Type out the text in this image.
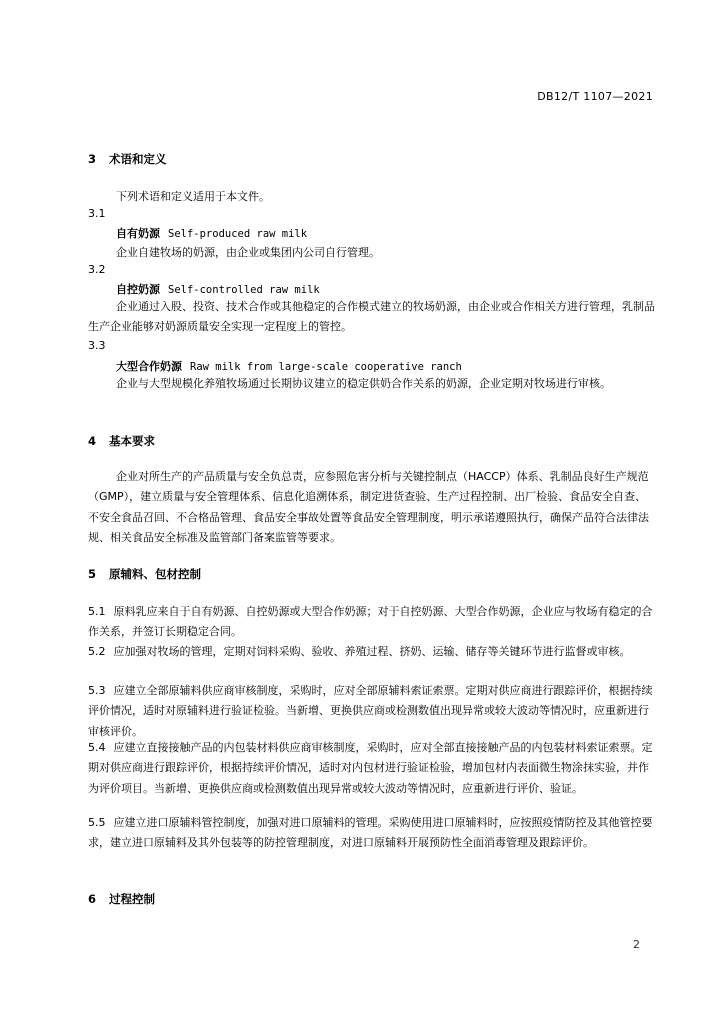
DB12/T 1107—2021
3 术语和定义
下列术语和定义适用于本文件。
3.1
自有奶源 Self-produced raw milk
企业自建牧场的奶源，由企业或集团内公司自行管理。
3.2
自控奶源 Self-controlled raw milk
企业通过入股、投资、技术合作或其他稳定的合作模式建立的牧场奶源，由企业或合作相关方进行管理，乳制品生产企业能够对奶源质量安全实现一定程度上的管控。
3.3
大型合作奶源 Raw milk from large-scale cooperative ranch
企业与大型规模化养殖牧场通过长期协议建立的稳定供奶合作关系的奶源，企业定期对牧场进行审核。
4 基本要求
企业对所生产的产品质量与安全负总责，应参照危害分析与关键控制点（HACCP）体系、乳制品良好生产规范（GMP），建立质量与安全管理体系、信息化追溯体系，制定进货查验、生产过程控制、出厂检验、食品安全自查、不安全食品召回、不合格品管理、食品安全事故处置等食品安全管理制度，明示承诺遵照执行，确保产品符合法律法规、相关食品安全标准及监管部门备案监管等要求。
5 原辅料、包材控制
5.1 原料乳应来自于自有奶源、自控奶源或大型合作奶源；对于自控奶源、大型合作奶源，企业应与牧场有稳定的合作关系，并签订长期稳定合同。
5.2 应加强对牧场的管理，定期对饲料采购、验收、养殖过程、挤奶、运输、储存等关键环节进行监督或审核。
5.3 应建立全部原辅料供应商审核制度，采购时，应对全部原辅料索证索票。定期对供应商进行跟踪评价，根据持续评价情况，适时对原辅料进行验证检验。当新增、更换供应商或检测数值出现异常或较大波动等情况时，应重新进行审核评价。
5.4 应建立直接接触产品的内包装材料供应商审核制度，采购时，应对全部直接接触产品的内包装材料索证索票。定期对供应商进行跟踪评价，根据持续评价情况，适时对内包材进行验证检验，增加包材内表面微生物涂抹实验，并作为评价项目。当新增、更换供应商或检测数值出现异常或较大波动等情况时，应重新进行评价、验证。
5.5 应建立进口原辅料管控制度，加强对进口原辅料的管理。采购使用进口原辅料时，应按照疫情防控及其他管控要求，建立进口原辅料及其外包装等的防控管理制度，对进口原辅料开展预防性全面消毒管理及跟踪评价。
6 过程控制
2
